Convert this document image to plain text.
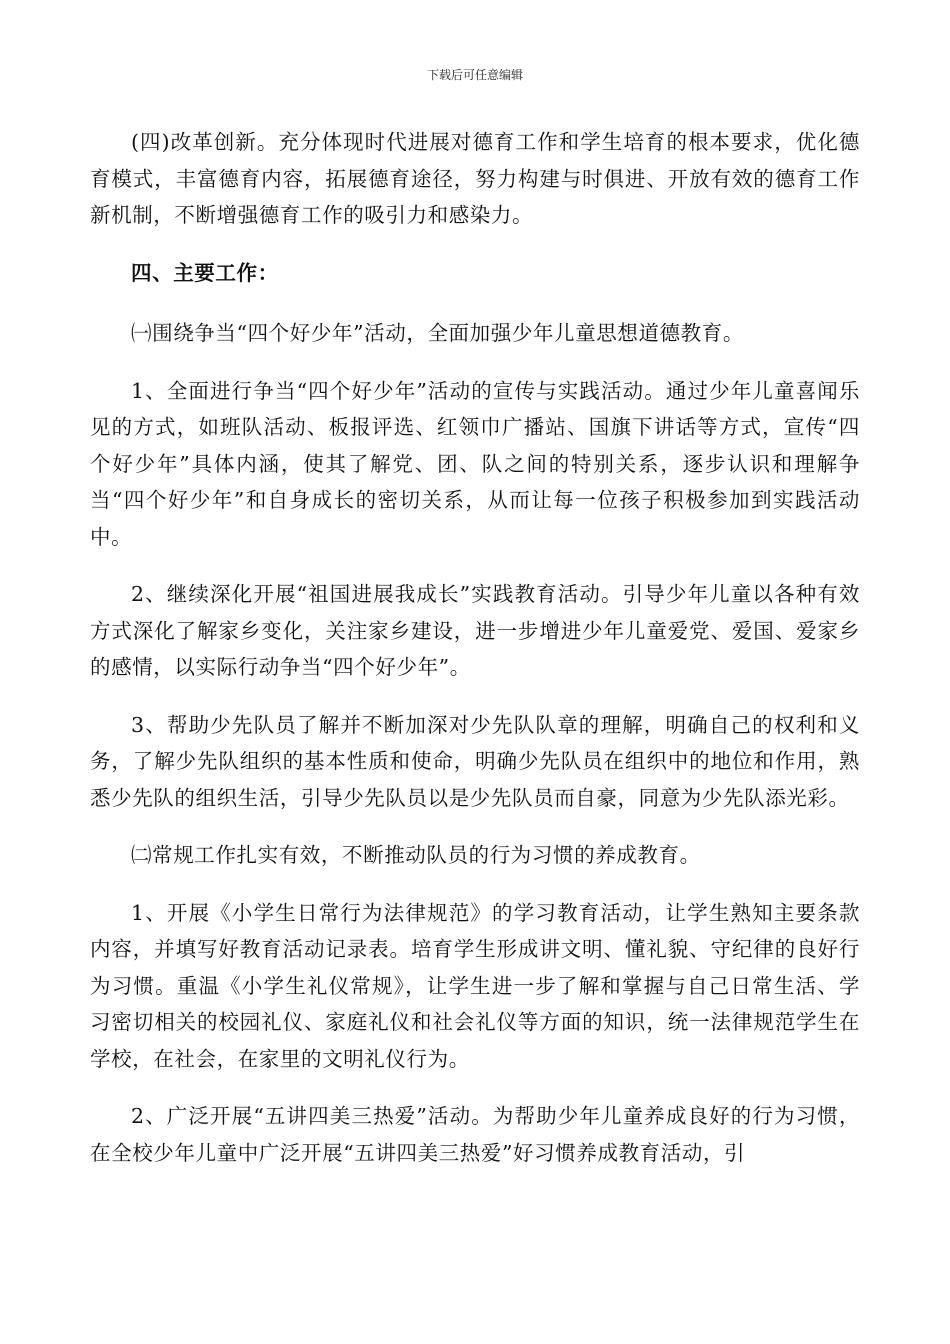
下载后可任意编辑

(四)改革创新。充分体现时代进展对德育工作和学生培育的根本要求，优化德育模式，丰富德育内容，拓展德育途径，努力构建与时俱进、开放有效的德育工作新机制，不断增强德育工作的吸引力和感染力。

四、主要工作：

㈠围绕争当“四个好少年”活动，全面加强少年儿童思想道德教育。

1、全面进行争当“四个好少年”活动的宣传与实践活动。通过少年儿童喜闻乐见的方式，如班队活动、板报评选、红领巾广播站、国旗下讲话等方式，宣传“四个好少年”具体内涵，使其了解党、团、队之间的特别关系，逐步认识和理解争当“四个好少年”和自身成长的密切关系，从而让每一位孩子积极参加到实践活动中。

2、继续深化开展“祖国进展我成长”实践教育活动。引导少年儿童以各种有效方式深化了解家乡变化，关注家乡建设，进一步增进少年儿童爱党、爱国、爱家乡的感情，以实际行动争当“四个好少年”。

3、帮助少先队员了解并不断加深对少先队队章的理解，明确自己的权利和义务，了解少先队组织的基本性质和使命，明确少先队员在组织中的地位和作用，熟悉少先队的组织生活，引导少先队员以是少先队员而自豪，同意为少先队添光彩。

㈡常规工作扎实有效，不断推动队员的行为习惯的养成教育。

1、开展《小学生日常行为法律规范》的学习教育活动，让学生熟知主要条款内容，并填写好教育活动记录表。培育学生形成讲文明、懂礼貌、守纪律的良好行为习惯。重温《小学生礼仪常规》，让学生进一步了解和掌握与自己日常生活、学习密切相关的校园礼仪、家庭礼仪和社会礼仪等方面的知识，统一法律规范学生在学校，在社会，在家里的文明礼仪行为。

2、广泛开展“五讲四美三热爱”活动。为帮助少年儿童养成良好的行为习惯，在全校少年儿童中广泛开展“五讲四美三热爱”好习惯养成教育活动，引
